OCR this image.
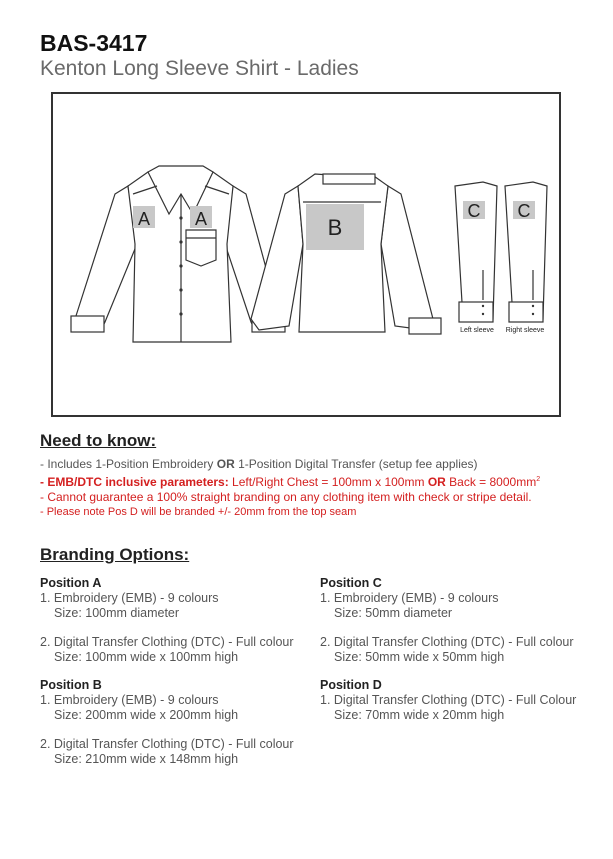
BAS-3417
Kenton Long Sleeve Shirt - Ladies
A A	B
C C
Left sleeve Right sleeve
Need to know:
- Includes 1-Position Embroidery OR 1-Position Digital Transfer (setup fee applies)
- EMB/DTC inclusive parameters: Left/Right Chest = 100mm x 100mm OR Back = $8000mm^2$
- Cannot guarantee a 100% straight branding on any clothing item with check or stripe detail.
- Please note Pos D will be branded +/- 20mm from the top seam
Branding Options:
Position A
1. Embroidery (EMB) - 9 colours
Size: 100mm diameter
2. Digital Transfer Clothing (DTC) - Full colour
Size: 100mm wide x 100mm high
Position C
1. Embroidery (EMB) - 9 colours
Size: 50mm diameter
2. Digital Transfer Clothing (DTC) - Full colour
Size: 50mm wide x 50mm high
Position B
1. Embroidery (EMB) - 9 colours
Size: 200mm wide x 200mm high
2. Digital Transfer Clothing (DTC) - Full colour
Size: 210mm wide x 148mm high
Position D
1. Digital Transfer Clothing (DTC) - Full Colour
Size: 70mm wide x 20mm high
